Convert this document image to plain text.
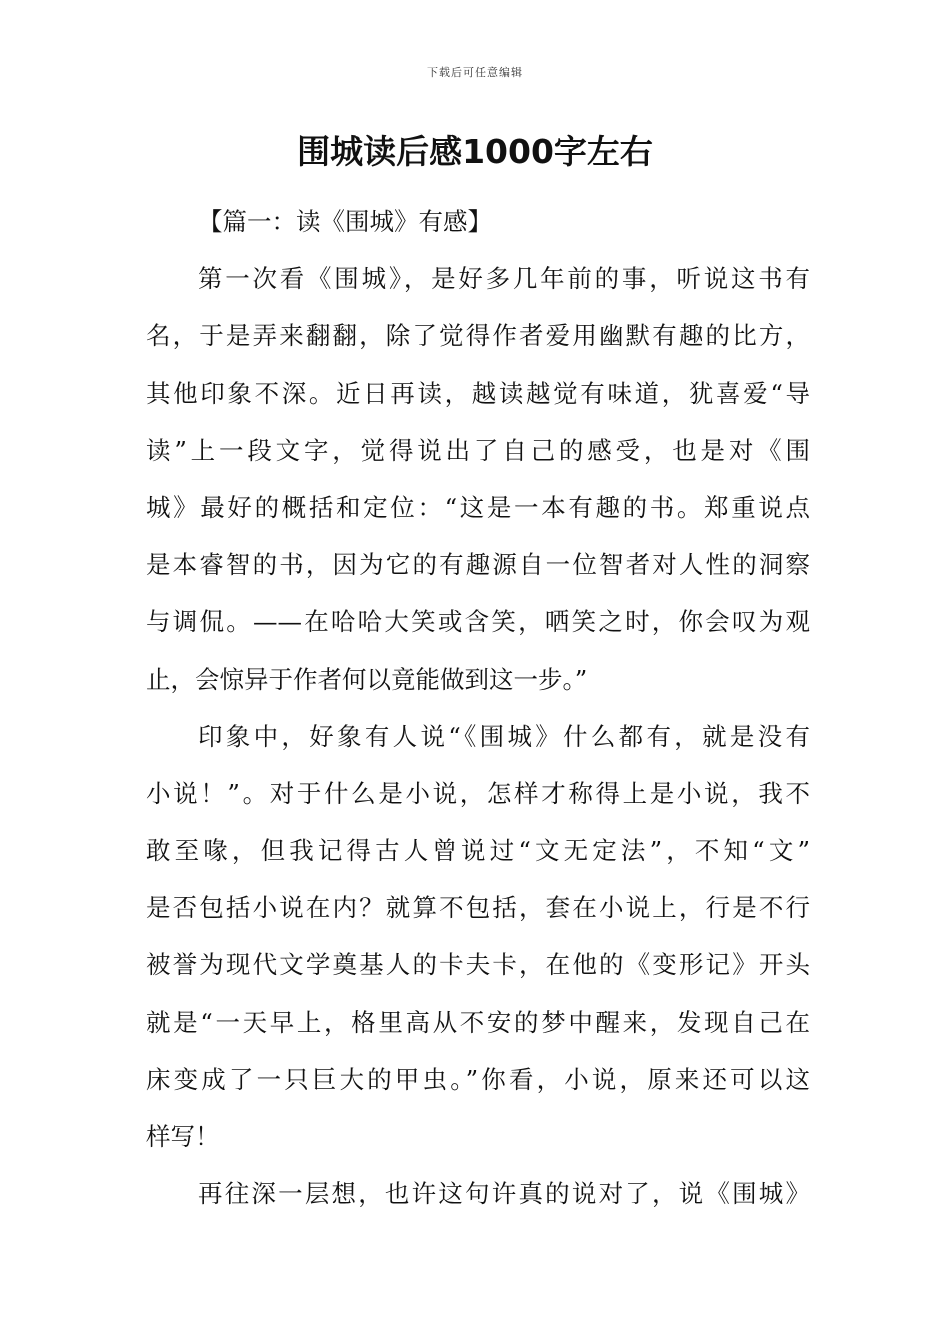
下载后可任意编辑
围城读后感1000字左右
【篇一：读《围城》有感】
第一次看《围城》，是好多几年前的事，听说这书有
名，于是弄来翻翻，除了觉得作者爱用幽默有趣的比方，
其他印象不深。近日再读，越读越觉有味道，犹喜爱“导
读”上一段文字，觉得说出了自己的感受，也是对《围
城》最好的概括和定位：“这是一本有趣的书。郑重说点
是本睿智的书，因为它的有趣源自一位智者对人性的洞察
与调侃。——在哈哈大笑或含笑，哂笑之时，你会叹为观
止，会惊异于作者何以竟能做到这一步。”
印象中，好象有人说“《围城》什么都有，就是没有
小说！”。对于什么是小说，怎样才称得上是小说，我不
敢至喙，但我记得古人曾说过“文无定法”，不知“文”
是否包括小说在内？就算不包括，套在小说上，行是不行
被誉为现代文学奠基人的卡夫卡，在他的《变形记》开头
就是“一天早上，格里高从不安的梦中醒来，发现自己在
床变成了一只巨大的甲虫。”你看，小说，原来还可以这
样写！
再往深一层想，也许这句许真的说对了，说《围城》
